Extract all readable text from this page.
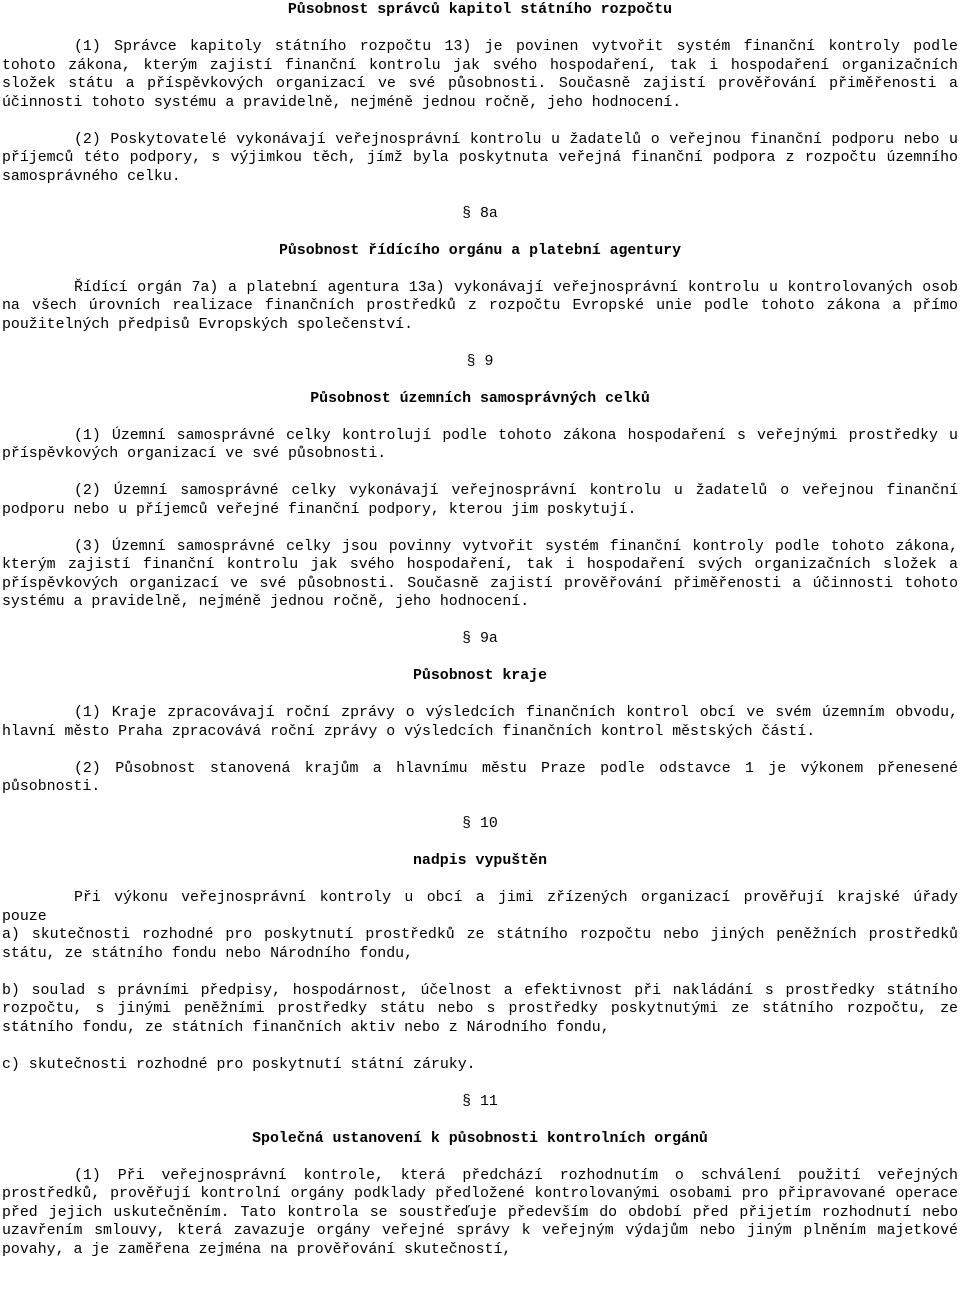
Působnost správců kapitol státního rozpočtu

(1) Správce kapitoly státního rozpočtu 13) je povinen vytvořit systém finanční kontroly podle tohoto zákona, kterým zajistí finanční kontrolu jak svého hospodaření, tak i hospodaření organizačních složek státu a příspěvkových organizací ve své působnosti. Současně zajistí prověřování přiměřenosti a účinnosti tohoto systému a pravidelně, nejméně jednou ročně, jeho hodnocení.

(2) Poskytovatelé vykonávají veřejnosprávní kontrolu u žadatelů o veřejnou finanční podporu nebo u příjemců této podpory, s výjimkou těch, jímž byla poskytnuta veřejná finanční podpora z rozpočtu územního samosprávného celku.

§ 8a

Působnost řídícího orgánu a platební agentury

Řídící orgán 7a) a platební agentura 13a) vykonávají veřejnosprávní kontrolu u kontrolovaných osob na všech úrovních realizace finančních prostředků z rozpočtu Evropské unie podle tohoto zákona a přímo použitelných předpisů Evropských společenství.

§ 9

Působnost územních samosprávných celků

(1) Územní samosprávné celky kontrolují podle tohoto zákona hospodaření s veřejnými prostředky u příspěvkových organizací ve své působnosti.

(2) Územní samosprávné celky vykonávají veřejnosprávní kontrolu u žadatelů o veřejnou finanční podporu nebo u příjemců veřejné finanční podpory, kterou jim poskytují.

(3) Územní samosprávné celky jsou povinny vytvořit systém finanční kontroly podle tohoto zákona, kterým zajistí finanční kontrolu jak svého hospodaření, tak i hospodaření svých organizačních složek a příspěvkových organizací ve své působnosti. Současně zajistí prověřování přiměřenosti a účinnosti tohoto systému a pravidelně, nejméně jednou ročně, jeho hodnocení.

§ 9a

Působnost kraje

(1) Kraje zpracovávají roční zprávy o výsledcích finančních kontrol obcí ve svém územním obvodu, hlavní město Praha zpracovává roční zprávy o výsledcích finančních kontrol městských částí.

(2) Působnost stanovená krajům a hlavnímu městu Praze podle odstavce 1 je výkonem přenesené působnosti.

§ 10

nadpis vypuštěn

Při výkonu veřejnosprávní kontroly u obcí a jimi zřízených organizací prověřují krajské úřady pouze

a) skutečnosti rozhodné pro poskytnutí prostředků ze státního rozpočtu nebo jiných peněžních prostředků státu, ze státního fondu nebo Národního fondu,

b) soulad s právními předpisy, hospodárnost, účelnost a efektivnost při nakládání s prostředky státního rozpočtu, s jinými peněžními prostředky státu nebo s prostředky poskytnutými ze státního rozpočtu, ze státního fondu, ze státních finančních aktiv nebo z Národního fondu,

c) skutečnosti rozhodné pro poskytnutí státní záruky.

§ 11

Společná ustanovení k působnosti kontrolních orgánů

(1) Při veřejnosprávní kontrole, která předchází rozhodnutím o schválení použití veřejných prostředků, prověřují kontrolní orgány podklady předložené kontrolovanými osobami pro připravované operace před jejich uskutečněním. Tato kontrola se soustřeďuje především do období před přijetím rozhodnutí nebo uzavřením smlouvy, která zavazuje orgány veřejné správy k veřejným výdajům nebo jiným plněním majetkové povahy, a je zaměřena zejména na prověřování skutečností,
